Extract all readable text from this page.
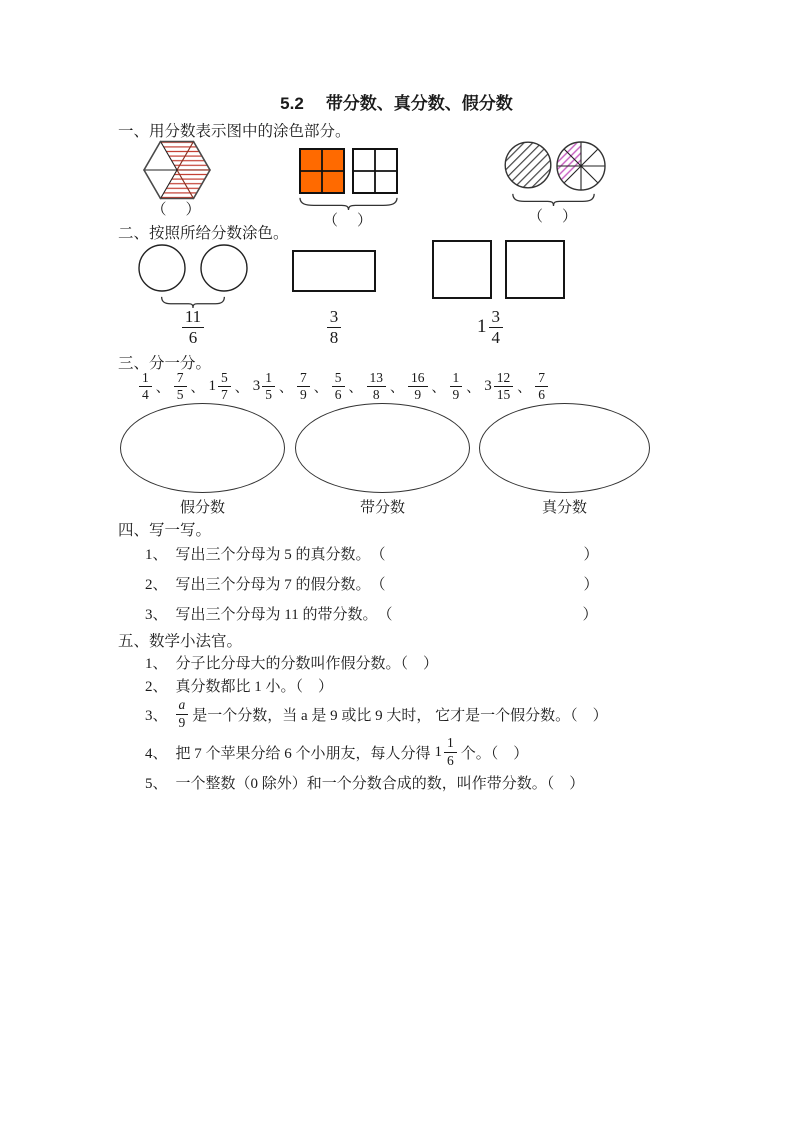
5.2 带分数、真分数、假分数
一、用分数表示图中的涂色部分。
（　）
（　）	（　）
二、按照所给分数涂色。
$\frac{11}{6}$	$\frac{3}{8}$	$1 \frac{3}{4}$
三、分一分。
$\frac{1}{4}$ 、 $\frac{7}{5}$ 、 $1 \frac{5}{7}$ 、 $3 \frac{1}{5}$ 、 $\frac{7}{9}$ 、 $\frac{5}{6}$ 、 $\frac{13}{8}$ 、 $\frac{16}{9}$ 、 $\frac{1}{9}$ 、 $3 \frac{12}{15}$ 、 $\frac{7}{6}$
假分数	带分数	真分数
四、写一写。
1、 写出三个分母为 5 的真分数。 （	）
2、 写出三个分母为 7 的假分数。 （	）
3、 写出三个分母为 11 的带分数。 （	）
五、数学小法官。
1、 分子比分母大的分数叫作假分数。（　）
2、 真分数都比 1 小。（　）
3、 $\frac{a}{9}$ 是一个分数，当 a 是 9 或比 9 大时， 它才是一个假分数。（　）
4、 把 7 个苹果分给 6 个小朋友，每人分得 $1 \frac{1}{6}$ 个。（　）
5、 一个整数（0 除外）和一个分数合成的数，叫作带分数。（　）
